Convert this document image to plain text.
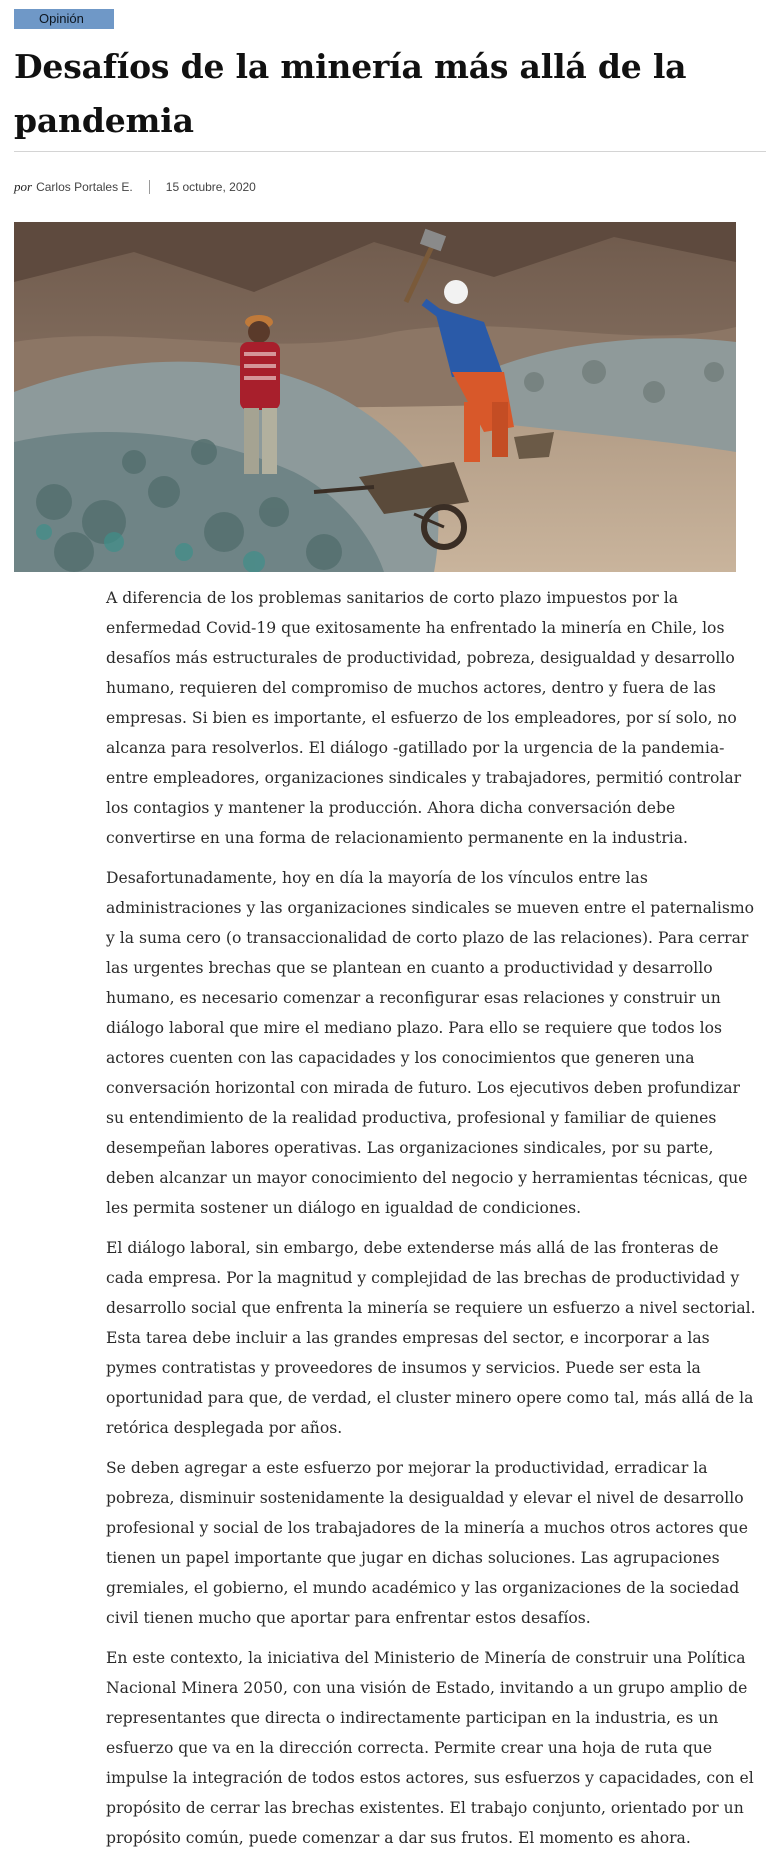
Opinión
Desafíos de la minería más allá de la pandemia
por Carlos Portales E.	15 octubre, 2020

A diferencia de los problemas sanitarios de corto plazo impuestos por la enfermedad Covid-19 que exitosamente ha enfrentado la minería en Chile, los desafíos más estructurales de productividad, pobreza, desigualdad y desarrollo humano, requieren del compromiso de muchos actores, dentro y fuera de las empresas. Si bien es importante, el esfuerzo de los empleadores, por sí solo, no alcanza para resolverlos. El diálogo -gatillado por la urgencia de la pandemia- entre empleadores, organizaciones sindicales y trabajadores, permitió controlar los contagios y mantener la producción. Ahora dicha conversación debe convertirse en una forma de relacionamiento permanente en la industria.

Desafortunadamente, hoy en día la mayoría de los vínculos entre las administraciones y las organizaciones sindicales se mueven entre el paternalismo y la suma cero (o transaccionalidad de corto plazo de las relaciones). Para cerrar las urgentes brechas que se plantean en cuanto a productividad y desarrollo humano, es necesario comenzar a reconfigurar esas relaciones y construir un diálogo laboral que mire el mediano plazo. Para ello se requiere que todos los actores cuenten con las capacidades y los conocimientos que generen una conversación horizontal con mirada de futuro. Los ejecutivos deben profundizar su entendimiento de la realidad productiva, profesional y familiar de quienes desempeñan labores operativas. Las organizaciones sindicales, por su parte, deben alcanzar un mayor conocimiento del negocio y herramientas técnicas, que les permita sostener un diálogo en igualdad de condiciones.

El diálogo laboral, sin embargo, debe extenderse más allá de las fronteras de cada empresa. Por la magnitud y complejidad de las brechas de productividad y desarrollo social que enfrenta la minería se requiere un esfuerzo a nivel sectorial. Esta tarea debe incluir a las grandes empresas del sector, e incorporar a las pymes contratistas y proveedores de insumos y servicios. Puede ser esta la oportunidad para que, de verdad, el cluster minero opere como tal, más allá de la retórica desplegada por años.

Se deben agregar a este esfuerzo por mejorar la productividad, erradicar la pobreza, disminuir sostenidamente la desigualdad y elevar el nivel de desarrollo profesional y social de los trabajadores de la minería a muchos otros actores que tienen un papel importante que jugar en dichas soluciones. Las agrupaciones gremiales, el gobierno, el mundo académico y las organizaciones de la sociedad civil tienen mucho que aportar para enfrentar estos desafíos.

En este contexto, la iniciativa del Ministerio de Minería de construir una Política Nacional Minera 2050, con una visión de Estado, invitando a un grupo amplio de representantes que directa o indirectamente participan en la industria, es un esfuerzo que va en la dirección correcta. Permite crear una hoja de ruta que impulse la integración de todos estos actores, sus esfuerzos y capacidades, con el propósito de cerrar las brechas existentes. El trabajo conjunto, orientado por un propósito común, puede comenzar a dar sus frutos. El momento es ahora.
